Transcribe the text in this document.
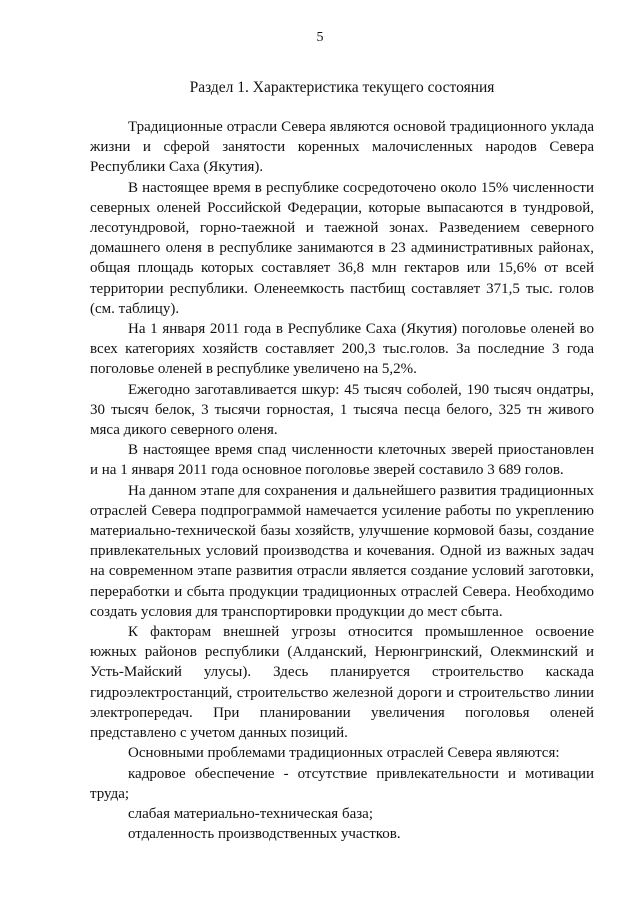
5
Раздел 1. Характеристика текущего состояния

Традиционные отрасли Севера являются основой традиционного уклада жизни и сферой занятости коренных малочисленных народов Севера Республики Саха (Якутия).

В настоящее время в республике сосредоточено около 15% численности северных оленей Российской Федерации, которые выпасаются в тундровой, лесотундровой, горно-таежной и таежной зонах. Разведением северного домашнего оленя в республике занимаются в 23 административных районах, общая площадь которых составляет 36,8 млн гектаров или 15,6% от всей территории республики. Оленеемкость пастбищ составляет 371,5 тыс. голов (см. таблицу).

На 1 января 2011 года в Республике Саха (Якутия) поголовье оленей во всех категориях хозяйств составляет 200,3 тыс.голов. За последние 3 года поголовье оленей в республике увеличено на 5,2%.

Ежегодно заготавливается шкур: 45 тысяч соболей, 190 тысяч ондатры, 30 тысяч белок, 3 тысячи горностая, 1 тысяча песца белого, 325 тн живого мяса дикого северного оленя.

В настоящее время спад численности клеточных зверей приостановлен и на 1 января 2011 года основное поголовье зверей составило 3 689 голов.

На данном этапе для сохранения и дальнейшего развития традиционных отраслей Севера подпрограммой намечается усиление работы по укреплению материально-технической базы хозяйств, улучшение кормовой базы, создание привлекательных условий производства и кочевания. Одной из важных задач на современном этапе развития отрасли является создание условий заготовки, переработки и сбыта продукции традиционных отраслей Севера. Необходимо создать условия для транспортировки продукции до мест сбыта.

К факторам внешней угрозы относится промышленное освоение южных районов республики (Алданский, Нерюнгринский, Олекминский и Усть-Майский улусы). Здесь планируется строительство каскада гидроэлектростанций, строительство железной дороги и строительство линии электропередач. При планировании увеличения поголовья оленей представлено с учетом данных позиций.

Основными проблемами традиционных отраслей Севера являются:

кадровое обеспечение - отсутствие привлекательности и мотивации труда;

слабая материально-техническая база;

отдаленность производственных участков.
